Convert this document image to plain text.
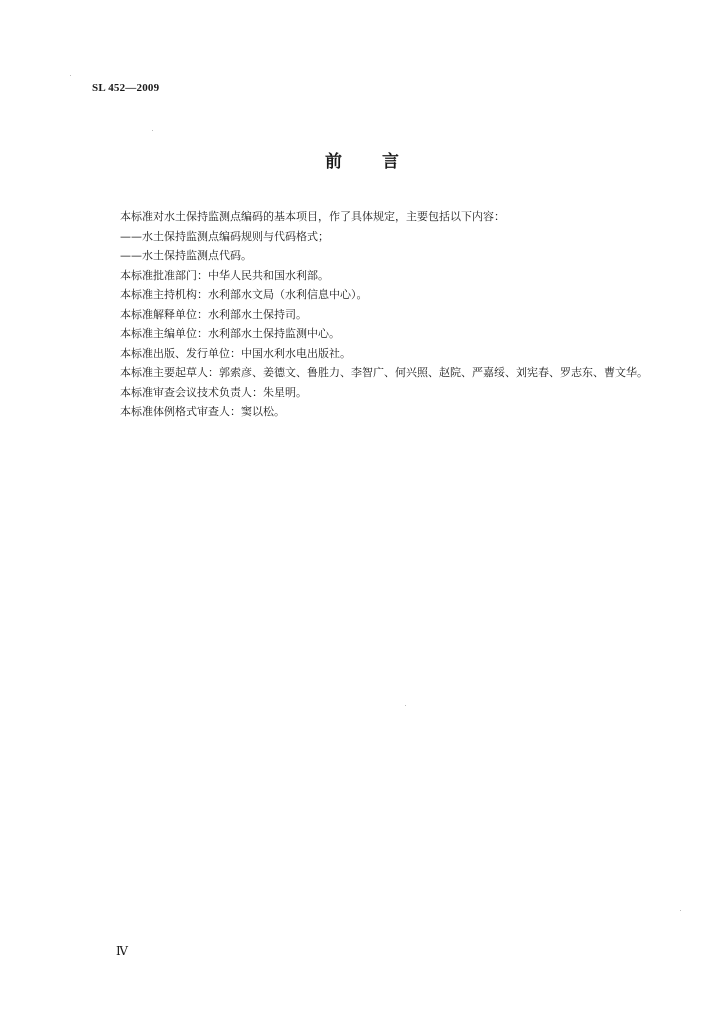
SL 452—2009
前 言

本标准对水土保持监测点编码的基本项目，作了具体规定，主要包括以下内容：

——水土保持监测点编码规则与代码格式；

——水土保持监测点代码。

本标准批准部门：中华人民共和国水利部。

本标准主持机构：水利部水文局（水利信息中心）。

本标准解释单位：水利部水土保持司。

本标准主编单位：水利部水土保持监测中心。

本标准出版、发行单位：中国水利水电出版社。

本标准主要起草人：郭索彦、姜德文、鲁胜力、李智广、何兴照、赵院、严嘉绥、刘宪春、罗志东、曹文华。

本标准审查会议技术负责人：朱星明。

本标准体例格式审查人：窦以松。

Ⅳ
